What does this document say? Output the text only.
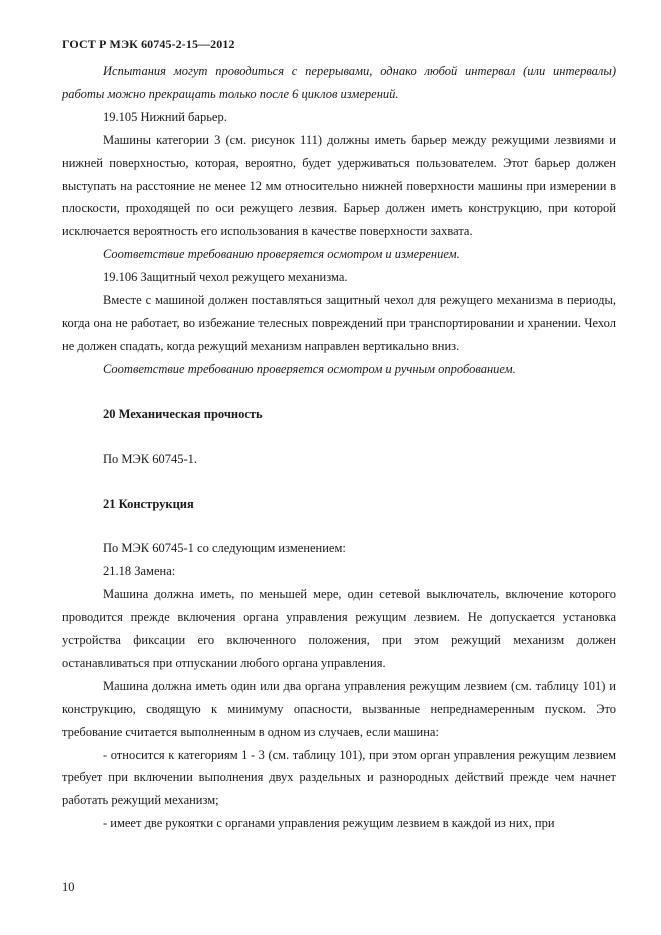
ГОСТ Р МЭК 60745-2-15—2012

Испытания могут проводиться с перерывами, однако любой интервал (или интервалы) работы можно прекращать только после 6 циклов измерений.

19.105 Нижний барьер.

Машины категории 3 (см. рисунок 111) должны иметь барьер между режущими лезвиями и нижней поверхностью, которая, вероятно, будет удерживаться пользователем. Этот барьер должен выступать на расстояние не менее 12 мм относительно нижней поверхности машины при измерении в плоскости, проходящей по оси режущего лезвия. Барьер должен иметь конструкцию, при которой исключается вероятность его использования в качестве поверхности захвата.

Соответствие требованию проверяется осмотром и измерением.

19.106 Защитный чехол режущего механизма.

Вместе с машиной должен поставляться защитный чехол для режущего механизма в периоды, когда она не работает, во избежание телесных повреждений при транспортировании и хранении. Чехол не должен спадать, когда режущий механизм направлен вертикально вниз.

Соответствие требованию проверяется осмотром и ручным опробованием.

20 Механическая прочность

По МЭК 60745-1.

21 Конструкция

По МЭК 60745-1 со следующим изменением:

21.18 Замена:

Машина должна иметь, по меньшей мере, один сетевой выключатель, включение которого проводится прежде включения органа управления режущим лезвием. Не допускается установка устройства фиксации его включенного положения, при этом режущий механизм должен останавливаться при отпускании любого органа управления.

Машина должна иметь один или два органа управления режущим лезвием (см. таблицу 101) и конструкцию, сводящую к минимуму опасности, вызванные непреднамеренным пуском. Это требование считается выполненным в одном из случаев, если машина:

- относится к категориям 1 - 3 (см. таблицу 101), при этом орган управления режущим лезвием требует при включении выполнения двух раздельных и разнородных действий прежде чем начнет работать режущий механизм;

- имеет две рукоятки с органами управления режущим лезвием в каждой из них, при

10
